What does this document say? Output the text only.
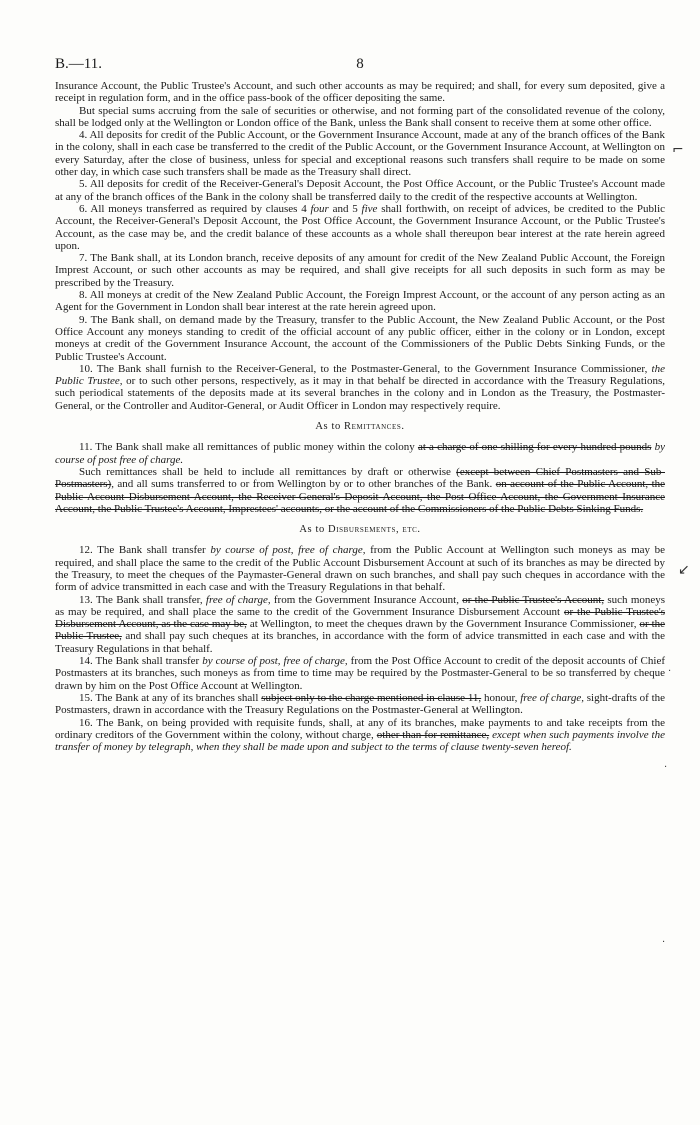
B.—11.	8
⌐
↙
·
·
·

Insurance Account, the Public Trustee's Account, and such other accounts as may be required; and shall, for every sum deposited, give a receipt in regulation form, and in the office pass-book of the officer depositing the same.

But special sums accruing from the sale of securities or otherwise, and not forming part of the consolidated revenue of the colony, shall be lodged only at the Wellington or London office of the Bank, unless the Bank shall consent to receive them at some other office.

4. All deposits for credit of the Public Account, or the Government Insurance Account, made at any of the branch offices of the Bank in the colony, shall in each case be transferred to the credit of the Public Account, or the Government Insurance Account, at Wellington on every Saturday, after the close of business, unless for special and exceptional reasons such transfers shall require to be made on some other day, in which case such transfers shall be made as the Treasury shall direct.

5. All deposits for credit of the Receiver-General's Deposit Account, the Post Office Account, or the Public Trustee's Account made at any of the branch offices of the Bank in the colony shall be transferred daily to the credit of the respective accounts at Wellington.

6. All moneys transferred as required by clauses 4 four and 5 five shall forthwith, on receipt of advices, be credited to the Public Account, the Receiver-General's Deposit Account, the Post Office Account, the Government Insurance Account, or the Public Trustee's Account, as the case may be, and the credit balance of these accounts as a whole shall thereupon bear interest at the rate herein agreed upon.

7. The Bank shall, at its London branch, receive deposits of any amount for credit of the New Zealand Public Account, the Foreign Imprest Account, or such other accounts as may be required, and shall give receipts for all such deposits in such form as may be prescribed by the Treasury.

8. All moneys at credit of the New Zealand Public Account, the Foreign Imprest Account, or the account of any person acting as an Agent for the Government in London shall bear interest at the rate herein agreed upon.

9. The Bank shall, on demand made by the Treasury, transfer to the Public Account, the New Zealand Public Account, or the Post Office Account any moneys standing to credit of the official account of any public officer, either in the colony or in London, except moneys at credit of the Government Insurance Account, the account of the Commissioners of the Public Debts Sinking Funds, or the Public Trustee's Account.

10. The Bank shall furnish to the Receiver-General, to the Postmaster-General, to the Government Insurance Commissioner, the Public Trustee, or to such other persons, respectively, as it may in that behalf be directed in accordance with the Treasury Regulations, such periodical statements of the deposits made at its several branches in the colony and in London as the Treasury, the Postmaster-General, or the Controller and Auditor-General, or Audit Officer in London may respectively require.

As to Remittances.

11. The Bank shall make all remittances of public money within the colony at a charge of one shilling for every hundred pounds by course of post free of charge.

Such remittances shall be held to include all remittances by draft or otherwise (except between Chief Postmasters and Sub-Postmasters), and all sums transferred to or from Wellington by or to other branches of the Bank. on account of the Public Account, the Public Account Disbursement Account, the Receiver-General's Deposit Account, the Post Office Account, the Government Insurance Account, the Public Trustee's Account, Imprestees' accounts, or the account of the Commissioners of the Public Debts Sinking Funds.

As to Disbursements, etc.

12. The Bank shall transfer by course of post, free of charge, from the Public Account at Wellington such moneys as may be required, and shall place the same to the credit of the Public Account Disbursement Account at such of its branches as may be directed by the Treasury, to meet the cheques of the Paymaster-General drawn on such branches, and shall pay such cheques in accordance with the form of advice transmitted in each case and with the Treasury Regulations in that behalf.

13. The Bank shall transfer, free of charge, from the Government Insurance Account, or the Public Trustee's Account, such moneys as may be required, and shall place the same to the credit of the Government Insurance Disbursement Account or the Public Trustee's Disbursement Account, as the case may be, at Wellington, to meet the cheques drawn by the Government Insurance Commissioner, or the Public Trustee, and shall pay such cheques at its branches, in accordance with the form of advice transmitted in each case and with the Treasury Regulations in that behalf.

14. The Bank shall transfer by course of post, free of charge, from the Post Office Account to credit of the deposit accounts of Chief Postmasters at its branches, such moneys as from time to time may be required by the Postmaster-General to be so transferred by cheque drawn by him on the Post Office Account at Wellington.

15. The Bank at any of its branches shall subject only to the charge mentioned in clause 11, honour, free of charge, sight-drafts of the Postmasters, drawn in accordance with the Treasury Regulations on the Postmaster-General at Wellington.

16. The Bank, on being provided with requisite funds, shall, at any of its branches, make payments to and take receipts from the ordinary creditors of the Government within the colony, without charge, other than for remittance, except when such payments involve the transfer of money by telegraph, when they shall be made upon and subject to the terms of clause twenty-seven hereof.
